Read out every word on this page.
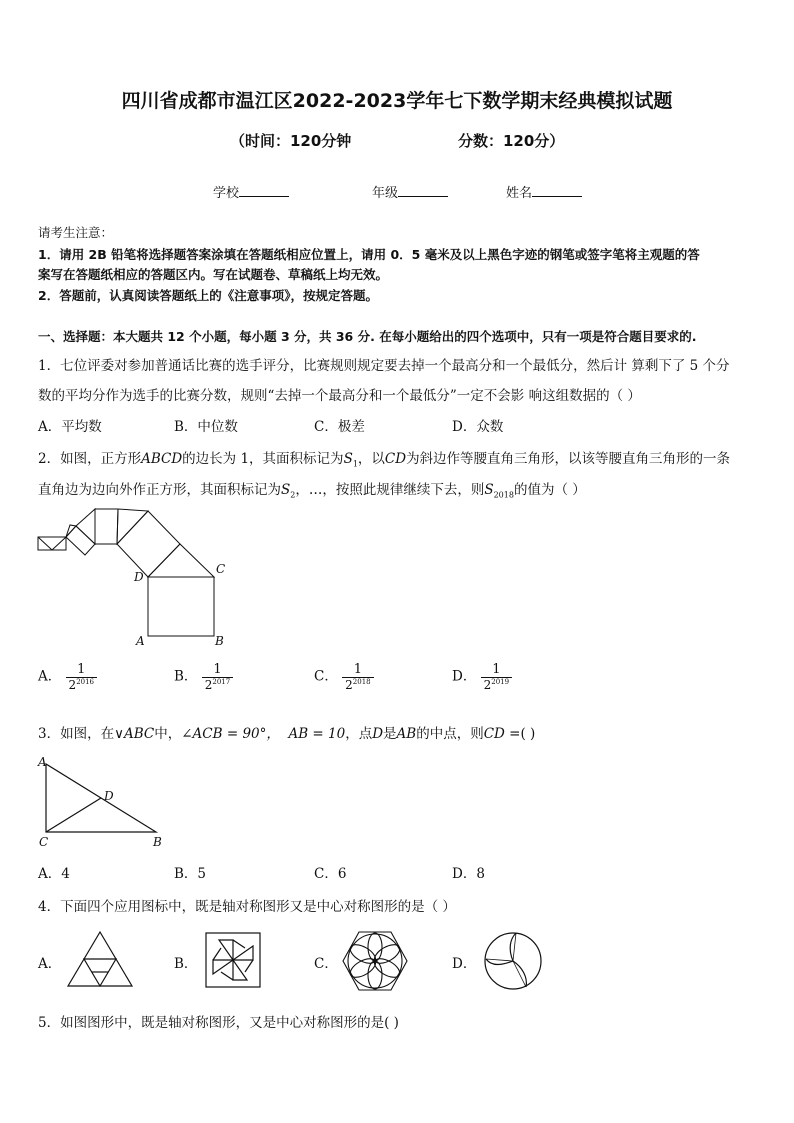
四川省成都市温江区2022-2023学年七下数学期末经典模拟试题
（时间：120分钟	分数：120分）
学校	年级	姓名
请考生注意：
1．请用 2B 铅笔将选择题答案涂填在答题纸相应位置上，请用 0．5 毫米及以上黑色字迹的钢笔或签字笔将主观题的答
案写在答题纸相应的答题区内。写在试题卷、草稿纸上均无效。
2．答题前，认真阅读答题纸上的《注意事项》，按规定答题。
一、选择题：本大题共 12 个小题，每小题 3 分，共 36 分. 在每小题给出的四个选项中，只有一项是符合题目要求的.
1．七位评委对参加普通话比赛的选手评分，比赛规则规定要去掉一个最高分和一个最低分，然后计 算剩下了 5 个分
数的平均分作为选手的比赛分数，规则“去掉一个最高分和一个最低分”一定不会影 响这组数据的（ ）
A．平均数	B．中位数	C．极差	D．众数
2．如图，正方形ABCD的边长为 1，其面积标记为$S_1$，以CD为斜边作等腰直角三角形，以该等腰直角三角形的一条
直角边为边向外作正方形，其面积标记为$S_2$，…，按照此规律继续下去，则$S_{2018}$的值为（ ）
D
C
A	B
A． $\frac{1}{2^{2016}}$	B． $\frac{1}{2^{2017}}$	C． $\frac{1}{2^{2018}}$	D． $\frac{1}{2^{2019}}$
3．如图，在∨ABC中，∠ACB = 90°， AB = 10，点D是AB的中点，则CD =( )
A
D
C	B
A．4	B．5	C．6	D．8
4．下面四个应用图标中，既是轴对称图形又是中心对称图形的是（ ）
A．	B．	C．	D．
5．如图图形中，既是轴对称图形，又是中心对称图形的是( )
